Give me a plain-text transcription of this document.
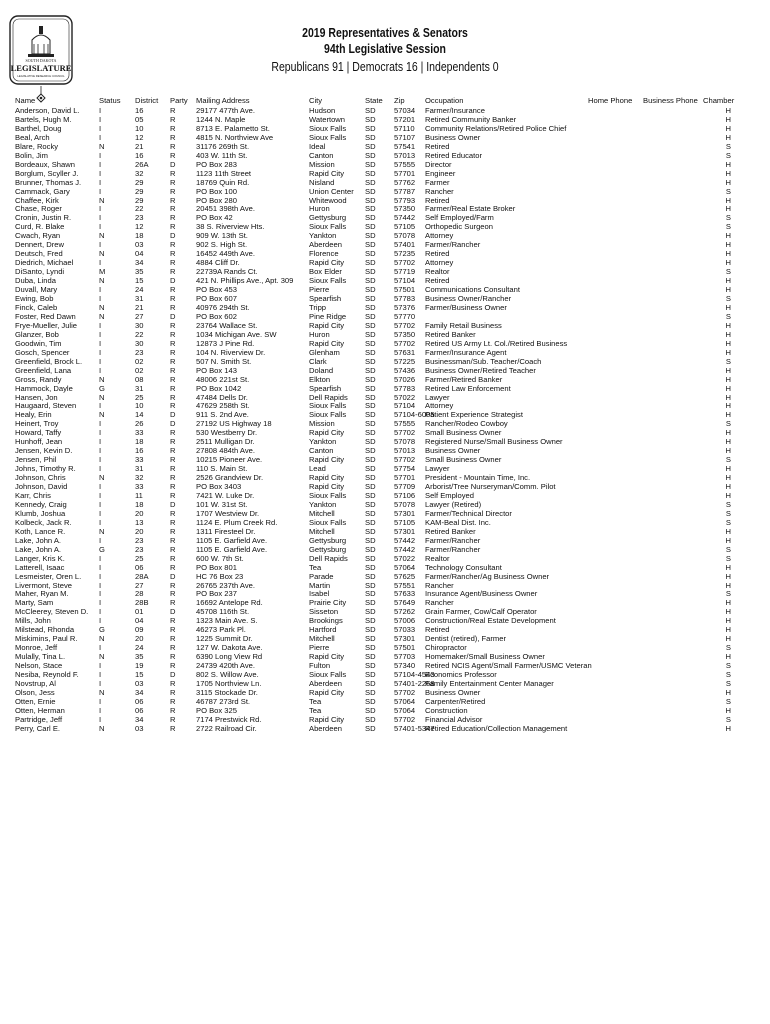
SOUTH DAKOTA
LEGISLATURE
LEGISLATIVE RESEARCH COUNCIL
2019 Representatives & Senators
94th Legislative Session
Republicans 91 | Democrats 16 | Independents 0
Name	Status	District	Party	Mailing Address	City	State	Zip	Occupation	Home Phone	Business Phone	Chamber
Anderson, David L.	I	16	R	29177 477th Ave.	Hudson	SD	57034	Farmer/Insurance			H
Bartels, Hugh M.	I	05	R	1244 N. Maple	Watertown	SD	57201	Retired Community Banker			H
Barthel, Doug	I	10	R	8713 E. Palametto St.	Sioux Falls	SD	57110	Community Relations/Retired Police Chief			H
Beal, Arch	I	12	R	4815 N. Northview Ave	Sioux Falls	SD	57107	Business Owner			H
Blare, Rocky	N	21	R	31176 269th St.	Ideal	SD	57541	Retired			S
Bolin, Jim	I	16	R	403 W. 11th St.	Canton	SD	57013	Retired Educator			S
Bordeaux, Shawn	I	26A	D	PO Box 283	Mission	SD	57555	Director			H
Borglum, Scyller J.	I	32	R	1123 11th Street	Rapid City	SD	57701	Engineer			H
Brunner, Thomas J.	I	29	R	18769 Quin Rd.	Nisland	SD	57762	Farmer			H
Cammack, Gary	I	29	R	PO Box 100	Union Center	SD	57787	Rancher			S
Chaffee, Kirk	N	29	R	PO Box 280	Whitewood	SD	57793	Retired			H
Chase, Roger	I	22	R	20451 398th Ave.	Huron	SD	57350	Farmer/Real Estate Broker			H
Cronin, Justin R.	I	23	R	PO Box 42	Gettysburg	SD	57442	Self Employed/Farm			S
Curd, R. Blake	I	12	R	38 S. Riverview Hts.	Sioux Falls	SD	57105	Orthopedic Surgeon			S
Cwach, Ryan	N	18	D	909 W. 13th St.	Yankton	SD	57078	Attorney			H
Dennert, Drew	I	03	R	902 S. High St.	Aberdeen	SD	57401	Farmer/Rancher			H
Deutsch, Fred	N	04	R	16452 449th Ave.	Florence	SD	57235	Retired			H
Diedrich, Michael	I	34	R	4884 Cliff Dr.	Rapid City	SD	57702	Attorney			H
DiSanto, Lyndi	M	35	R	22739A Rands Ct.	Box Elder	SD	57719	Realtor			S
Duba, Linda	N	15	D	421 N. Phillips Ave., Apt. 309	Sioux Falls	SD	57104	Retired			H
Duvall, Mary	I	24	R	PO Box 453	Pierre	SD	57501	Communications Consultant			H
Ewing, Bob	I	31	R	PO Box 607	Spearfish	SD	57783	Business Owner/Rancher			S
Finck, Caleb	N	21	R	40976 294th St.	Tripp	SD	57376	Farmer/Business Owner			H
Foster, Red Dawn	N	27	D	PO Box 602	Pine Ridge	SD	57770				S
Frye-Mueller, Julie	I	30	R	23764 Wallace St.	Rapid City	SD	57702	Family Retail Business			H
Glanzer, Bob	I	22	R	1034 Michigan Ave. SW	Huron	SD	57350	Retired Banker			H
Goodwin, Tim	I	30	R	12873 J Pine Rd.	Rapid City	SD	57702	Retired US Army Lt. Col./Retired Business			H
Gosch, Spencer	I	23	R	104 N. Riverview Dr.	Glenham	SD	57631	Farmer/Insurance Agent			H
Greenfield, Brock L.	I	02	R	507 N. Smith St.	Clark	SD	57225	Businessman/Sub. Teacher/Coach			S
Greenfield, Lana	I	02	R	PO Box 143	Doland	SD	57436	Business Owner/Retired Teacher			H
Gross, Randy	N	08	R	48006 221st St.	Elkton	SD	57026	Farmer/Retired Banker			H
Hammock, Dayle	G	31	R	PO Box 1042	Spearfish	SD	57783	Retired Law Enforcement			H
Hansen, Jon	N	25	R	47484 Dells Dr.	Dell Rapids	SD	57022	Lawyer			H
Haugaard, Steven	I	10	R	47629 258th St.	Sioux Falls	SD	57104	Attorney			H
Healy, Erin	N	14	D	911 S. 2nd Ave.	Sioux Falls	SD	57104-6005	Patient Experience Strategist			H
Heinert, Troy	I	26	D	27192 US Highway 18	Mission	SD	57555	Rancher/Rodeo Cowboy			S
Howard, Taffy	I	33	R	530 Westberry Dr.	Rapid City	SD	57702	Small Business Owner			H
Hunhoff, Jean	I	18	R	2511 Mulligan Dr.	Yankton	SD	57078	Registered Nurse/Small Business Owner			H
Jensen, Kevin D.	I	16	R	27808 484th Ave.	Canton	SD	57013	Business Owner			H
Jensen, Phil	I	33	R	10215 Pioneer Ave.	Rapid City	SD	57702	Small Business Owner			S
Johns, Timothy R.	I	31	R	110 S. Main St.	Lead	SD	57754	Lawyer			H
Johnson, Chris	N	32	R	2526 Grandview Dr.	Rapid City	SD	57701	President - Mountain Time, Inc.			H
Johnson, David	I	33	R	PO Box 3403	Rapid City	SD	57709	Arborist/Tree Nurseryman/Comm. Pilot			H
Karr, Chris	I	11	R	7421 W. Luke Dr.	Sioux Falls	SD	57106	Self Employed			H
Kennedy, Craig	I	18	D	101 W. 31st St.	Yankton	SD	57078	Lawyer (Retired)			S
Klumb, Joshua	I	20	R	1707 Westview Dr.	Mitchell	SD	57301	Farmer/Technical Director			S
Kolbeck, Jack R.	I	13	R	1124 E. Plum Creek Rd.	Sioux Falls	SD	57105	KAM-Beal Dist. Inc.			S
Koth, Lance R.	N	20	R	1311 Firesteel Dr.	Mitchell	SD	57301	Retired Banker			H
Lake, John A.	I	23	R	1105 E. Garfield Ave.	Gettysburg	SD	57442	Farmer/Rancher			H
Lake, John A.	G	23	R	1105 E. Garfield Ave.	Gettysburg	SD	57442	Farmer/Rancher			S
Langer, Kris K.	I	25	R	600 W. 7th St.	Dell Rapids	SD	57022	Realtor			S
Latterell, Isaac	I	06	R	PO Box 801	Tea	SD	57064	Technology Consultant			H
Lesmeister, Oren L.	I	28A	D	HC 76 Box 23	Parade	SD	57625	Farmer/Rancher/Ag Business Owner			H
Livermont, Steve	I	27	R	26765 237th Ave.	Martin	SD	57551	Rancher			H
Maher, Ryan M.	I	28	R	PO Box 237	Isabel	SD	57633	Insurance Agent/Business Owner			S
Marty, Sam	I	28B	R	16692 Antelope Rd.	Prairie City	SD	57649	Rancher			H
McCleerey, Steven D.	I	01	D	45708 116th St.	Sisseton	SD	57262	Grain Farmer, Cow/Calf Operator			H
Mills, John	I	04	R	1323 Main Ave. S.	Brookings	SD	57006	Construction/Real Estate Development			H
Milstead, Rhonda	G	09	R	46273 Park Pl.	Hartford	SD	57033	Retired			H
Miskimins, Paul R.	N	20	R	1225 Summit Dr.	Mitchell	SD	57301	Dentist (retired), Farmer			H
Monroe, Jeff	I	24	R	127 W. Dakota Ave.	Pierre	SD	57501	Chiropractor			S
Mulally, Tina L.	N	35	R	6390 Long View Rd	Rapid City	SD	57703	Homemaker/Small Business Owner			H
Nelson, Stace	I	19	R	24739 420th Ave.	Fulton	SD	57340	Retired NCIS Agent/Small Farmer/USMC Veteran			S
Nesiba, Reynold F.	I	15	D	802 S. Willow Ave.	Sioux Falls	SD	57104-4543	Economics Professor			S
Novstrup, Al	I	03	R	1705 Northview Ln.	Aberdeen	SD	57401-2268	Family Entertainment Center Manager			S
Olson, Jess	N	34	R	3115 Stockade Dr.	Rapid City	SD	57702	Business Owner			H
Otten, Ernie	I	06	R	46787 273rd St.	Tea	SD	57064	Carpenter/Retired			S
Otten, Herman	I	06	R	PO Box 325	Tea	SD	57064	Construction			H
Partridge, Jeff	I	34	R	7174 Prestwick Rd.	Rapid City	SD	57702	Financial Advisor			S
Perry, Carl E.	N	03	R	2722 Railroad Cir.	Aberdeen	SD	57401-5347	Retired Education/Collection Management			H
